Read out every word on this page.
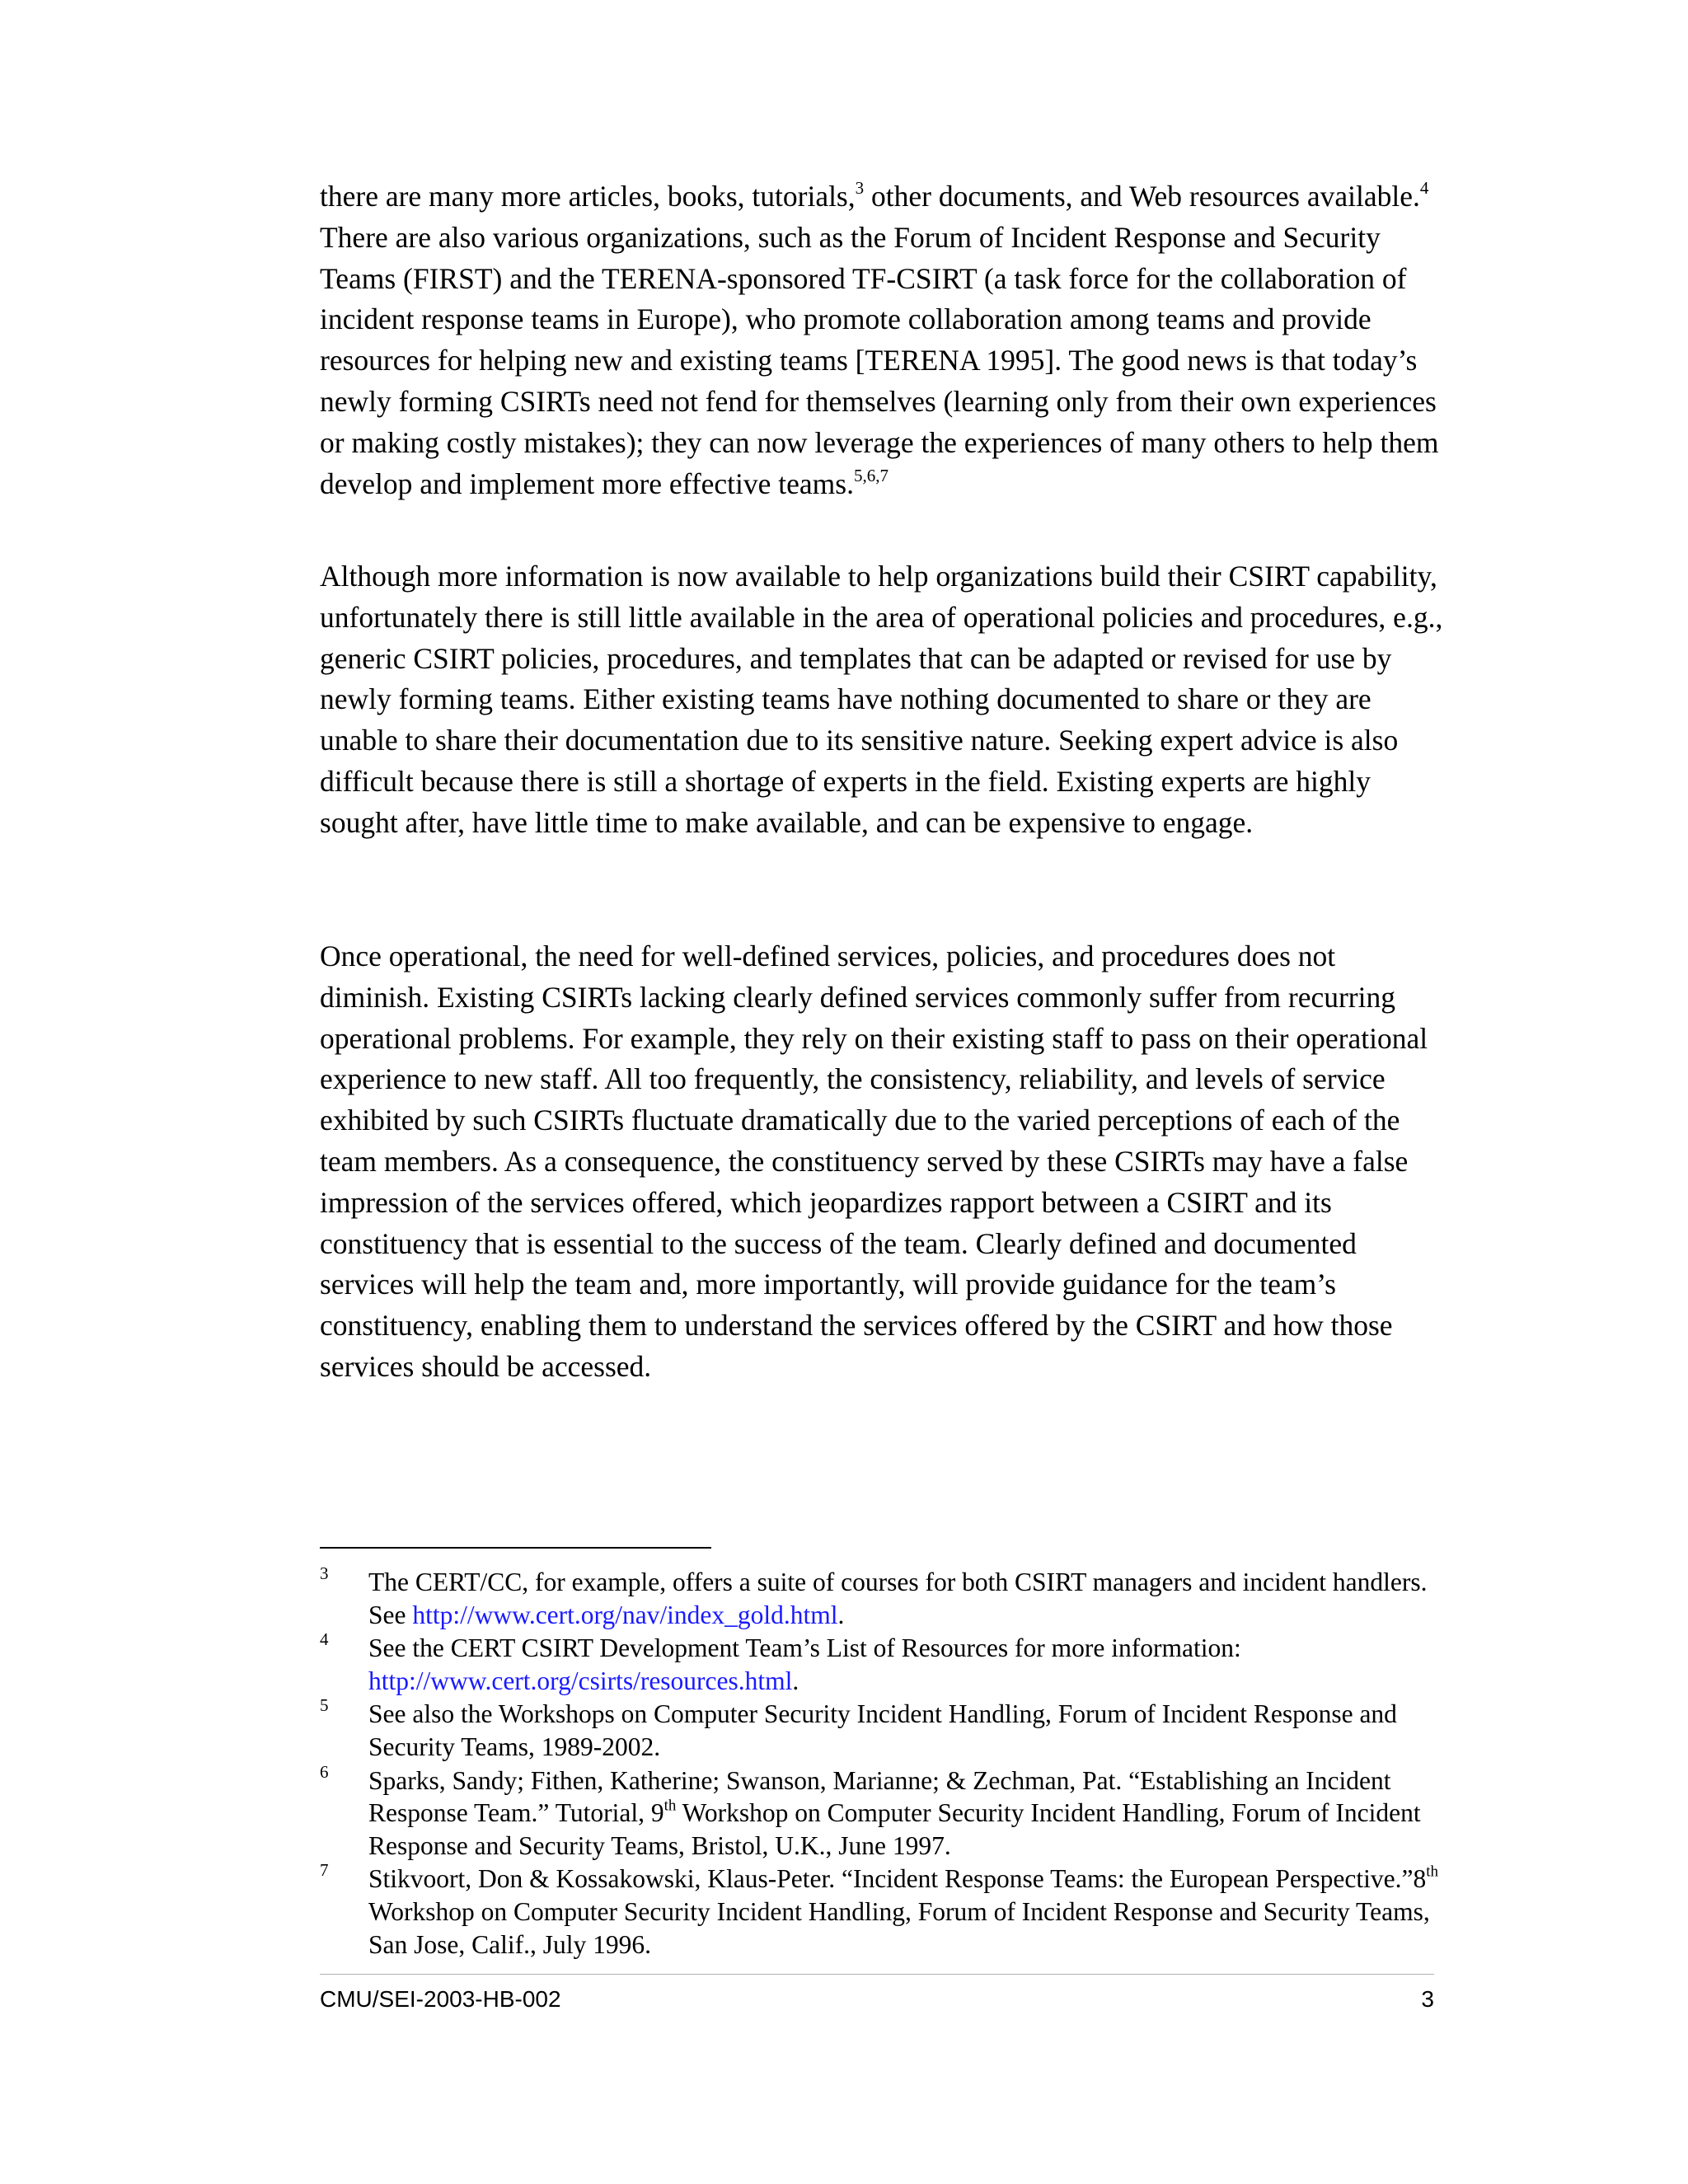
there are many more articles, books, tutorials,$^3$ other documents, and Web resources available.$^4$ There are also various organizations, such as the Forum of Incident Response and Security Teams (FIRST) and the TERENA-sponsored TF-CSIRT (a task force for the collaboration of incident response teams in Europe), who promote collaboration among teams and provide resources for helping new and existing teams [TERENA 1995]. The good news is that today’s newly forming CSIRTs need not fend for themselves (learning only from their own experiences or making costly mistakes); they can now leverage the experiences of many others to help them develop and implement more effective teams.$^{5,6,7}$

Although more information is now available to help organizations build their CSIRT capability, unfortunately there is still little available in the area of operational policies and procedures, e.g., generic CSIRT policies, procedures, and templates that can be adapted or revised for use by newly forming teams. Either existing teams have nothing documented to share or they are unable to share their documentation due to its sensitive nature. Seeking expert advice is also difficult because there is still a shortage of experts in the field. Existing experts are highly sought after, have little time to make available, and can be expensive to engage.

Once operational, the need for well-defined services, policies, and procedures does not diminish. Existing CSIRTs lacking clearly defined services commonly suffer from recurring operational problems. For example, they rely on their existing staff to pass on their operational experience to new staff. All too frequently, the consistency, reliability, and levels of service exhibited by such CSIRTs fluctuate dramatically due to the varied perceptions of each of the team members. As a consequence, the constituency served by these CSIRTs may have a false impression of the services offered, which jeopardizes rapport between a CSIRT and its constituency that is essential to the success of the team. Clearly defined and documented services will help the team and, more importantly, will provide guidance for the team’s constituency, enabling them to understand the services offered by the CSIRT and how those services should be accessed.

3 The CERT/CC, for example, offers a suite of courses for both CSIRT managers and incident handlers. See http://www.cert.org/nav/index_gold.html.
4 See the CERT CSIRT Development Team’s List of Resources for more information: http://www.cert.org/csirts/resources.html.
5 See also the Workshops on Computer Security Incident Handling, Forum of Incident Response and Security Teams, 1989-2002.
6 Sparks, Sandy; Fithen, Katherine; Swanson, Marianne; & Zechman, Pat. “Establishing an Incident Response Team.” Tutorial, 9th Workshop on Computer Security Incident Handling, Forum of Incident Response and Security Teams, Bristol, U.K., June 1997.
7 Stikvoort, Don & Kossakowski, Klaus-Peter. “Incident Response Teams: the European Perspective.”8th Workshop on Computer Security Incident Handling, Forum of Incident Response and Security Teams, San Jose, Calif., July 1996.
CMU/SEI-2003-HB-002	3
